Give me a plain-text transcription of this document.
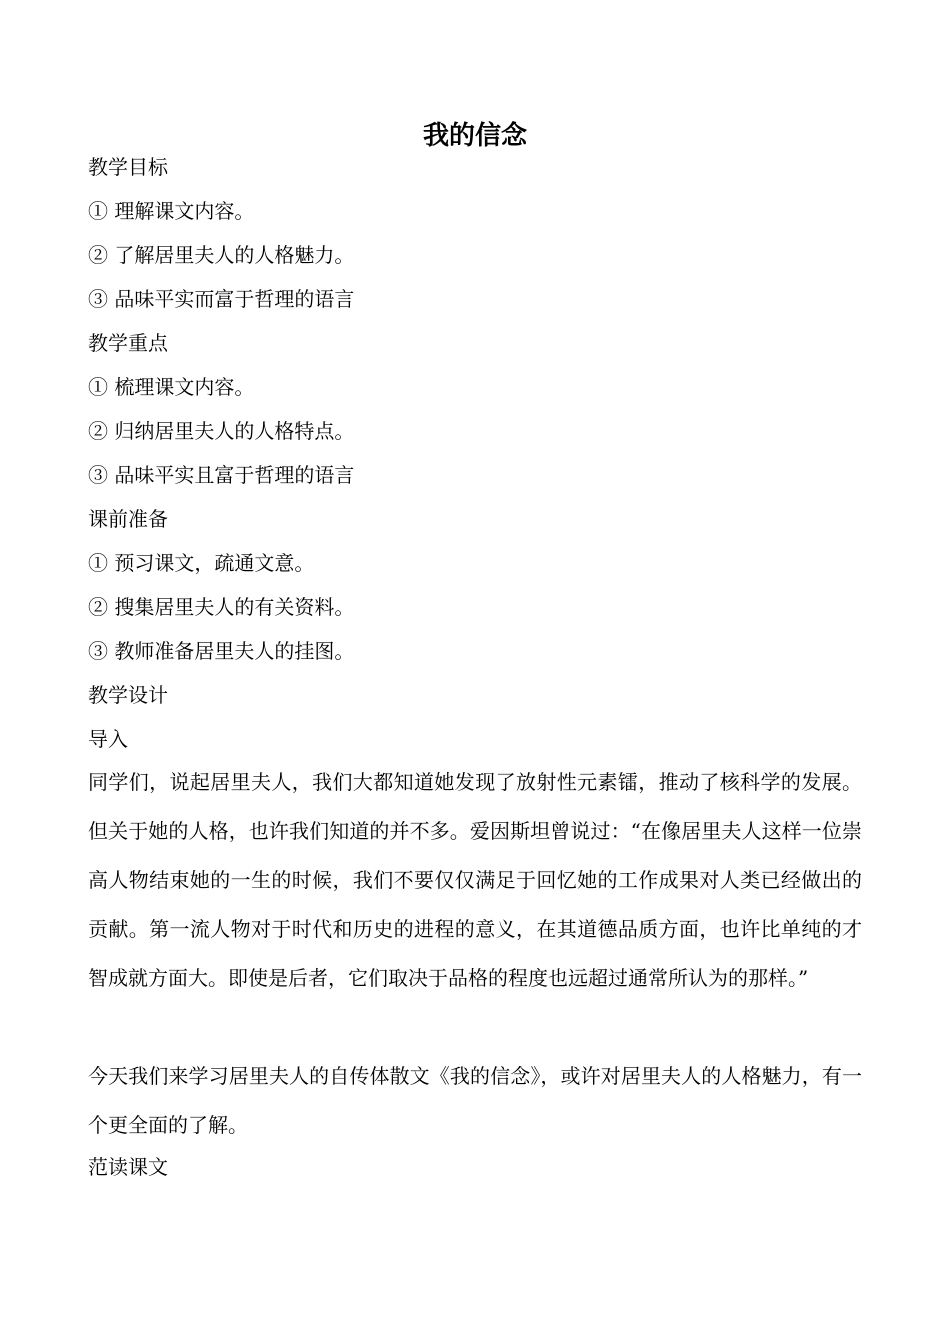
我的信念
教学目标
① 理解课文内容。
② 了解居里夫人的人格魅力。
③ 品味平实而富于哲理的语言
教学重点
① 梳理课文内容。
② 归纳居里夫人的人格特点。
③ 品味平实且富于哲理的语言
课前准备
① 预习课文，疏通文意。
② 搜集居里夫人的有关资料。
③ 教师准备居里夫人的挂图。
教学设计
导入
同学们，说起居里夫人，我们大都知道她发现了放射性元素镭，推动了核科学的发展。但关于她的人格，也许我们知道的并不多。爱因斯坦曾说过：“在像居里夫人这样一位崇高人物结束她的一生的时候，我们不要仅仅满足于回忆她的工作成果对人类已经做出的贡献。第一流人物对于时代和历史的进程的意义，在其道德品质方面，也许比单纯的才智成就方面大。即使是后者，它们取决于品格的程度也远超过通常所认为的那样。”
今天我们来学习居里夫人的自传体散文《我的信念》，或许对居里夫人的人格魅力，有一个更全面的了解。
范读课文
